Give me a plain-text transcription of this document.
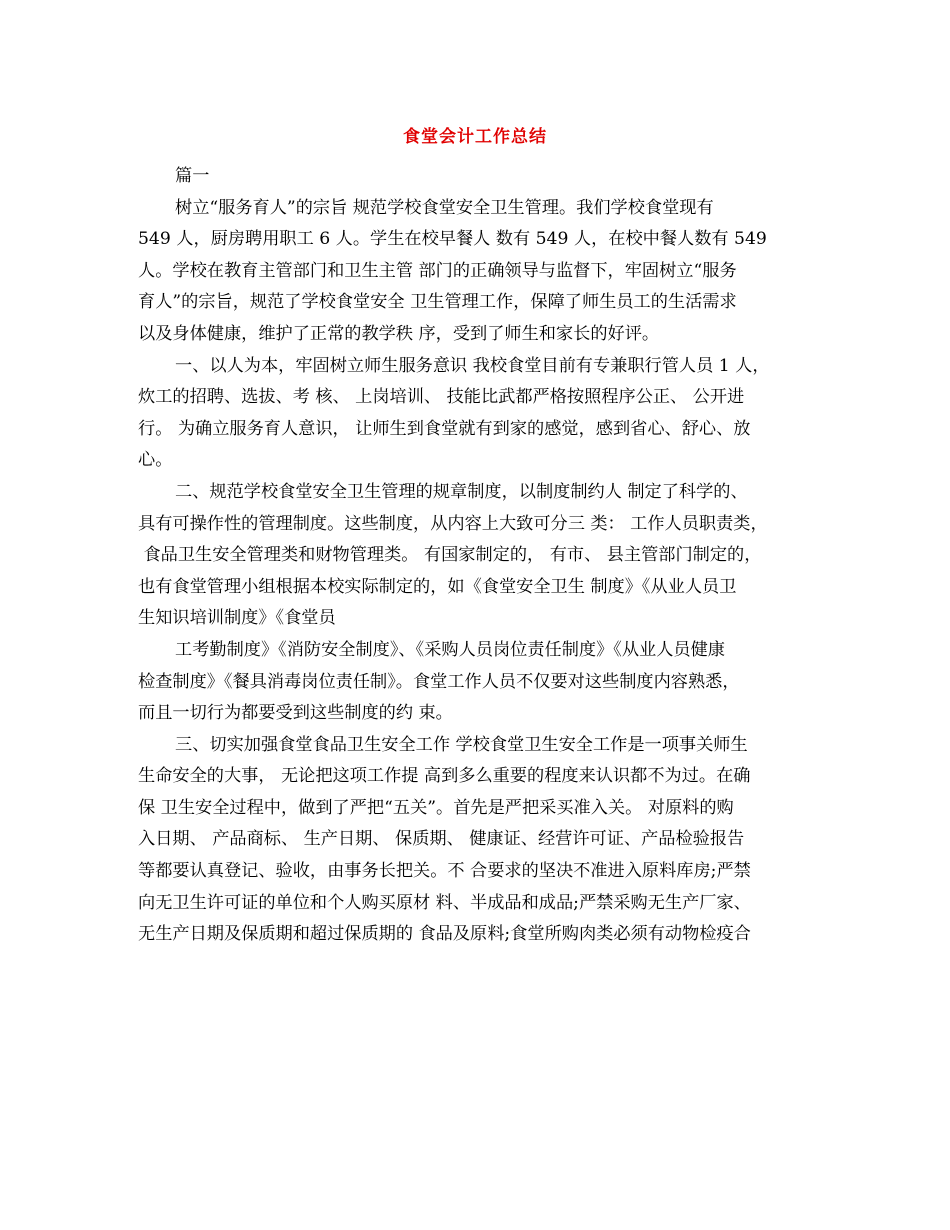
食堂会计工作总结
篇一
树立“服务育人”的宗旨 规范学校食堂安全卫生管理。我们学校食堂现有
549 人，厨房聘用职工 6 人。学生在校早餐人 数有 549 人，在校中餐人数有 549
人。学校在教育主管部门和卫生主管 部门的正确领导与监督下，牢固树立“服务
育人”的宗旨，规范了学校食堂安全 卫生管理工作，保障了师生员工的生活需求
以及身体健康，维护了正常的教学秩 序，受到了师生和家长的好评。
一、以人为本，牢固树立师生服务意识 我校食堂目前有专兼职行管人员 1 人，
炊工的招聘、选拔、考 核、 上岗培训、 技能比武都严格按照程序公正、 公开进
行。 为确立服务育人意识， 让师生到食堂就有到家的感觉，感到省心、舒心、放
心。
二、规范学校食堂安全卫生管理的规章制度，以制度制约人 制定了科学的、
具有可操作性的管理制度。这些制度，从内容上大致可分三 类： 工作人员职责类，
食品卫生安全管理类和财物管理类。 有国家制定的， 有市、 县主管部门制定的，
也有食堂管理小组根据本校实际制定的，如《食堂安全卫生 制度》《从业人员卫
生知识培训制度》《食堂员
工考勤制度》《消防安全制度》、《采购人员岗位责任制度》《从业人员健康
检查制度》《餐具消毒岗位责任制》。食堂工作人员不仅要对这些制度内容熟悉，
而且一切行为都要受到这些制度的约 束。
三、切实加强食堂食品卫生安全工作 学校食堂卫生安全工作是一项事关师生
生命安全的大事， 无论把这项工作提 高到多么重要的程度来认识都不为过。在确
保 卫生安全过程中，做到了严把“五关”。首先是严把采买准入关。 对原料的购
入日期、 产品商标、 生产日期、 保质期、 健康证、经营许可证、产品检验报告
等都要认真登记、验收，由事务长把关。不 合要求的坚决不准进入原料库房;严禁
向无卫生许可证的单位和个人购买原材 料、半成品和成品;严禁采购无生产厂家、
无生产日期及保质期和超过保质期的 食品及原料;食堂所购肉类必须有动物检疫合
